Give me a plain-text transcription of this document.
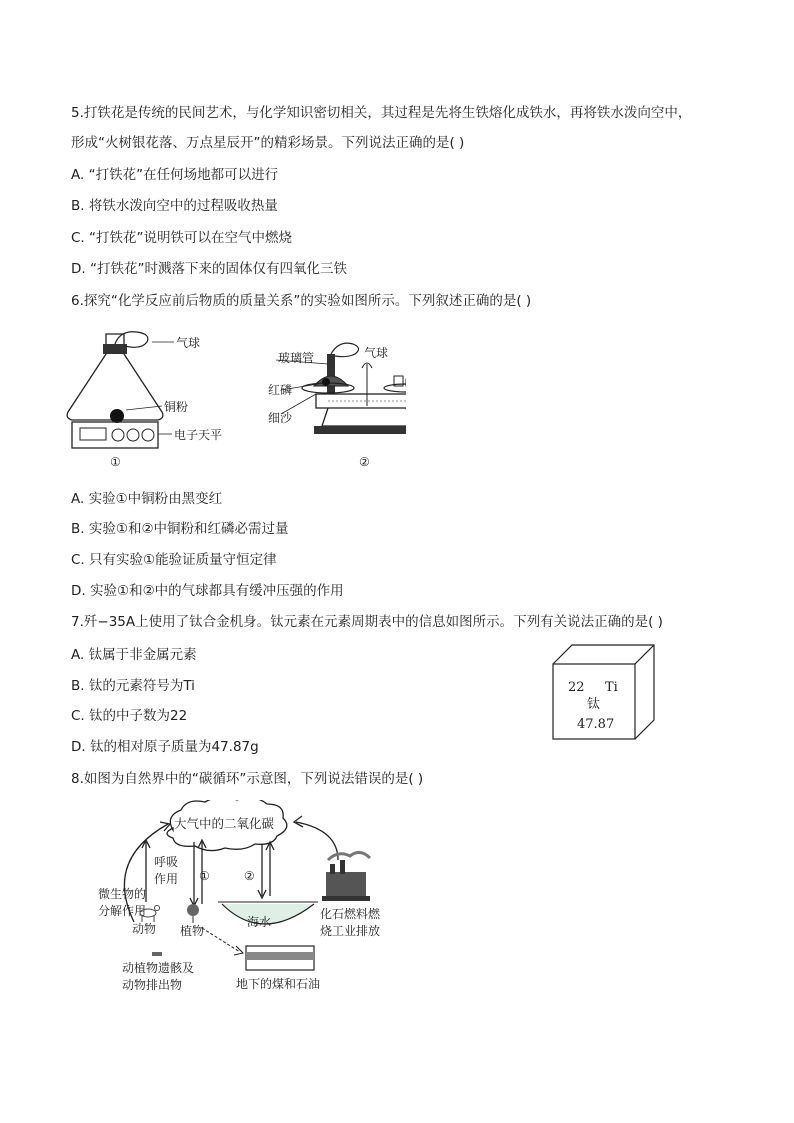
5.打铁花是传统的民间艺术，与化学知识密切相关，其过程是先将生铁熔化成铁水，再将铁水泼向空中，
形成“火树银花落、万点星辰开”的精彩场景。下列说法正确的是( )
A. “打铁花”在任何场地都可以进行
B. 将铁水泼向空中的过程吸收热量
C. “打铁花”说明铁可以在空气中燃烧
D. “打铁花”时溅落下来的固体仅有四氧化三铁
6.探究“化学反应前后物质的质量关系”的实验如图所示。下列叙述正确的是( )
气球
铜粉
电子天平
①
玻璃管	气球
红磷
细沙
②
A. 实验①中铜粉由黑变红
B. 实验①和②中铜粉和红磷必需过量
C. 只有实验①能验证质量守恒定律
D. 实验①和②中的气球都具有缓冲压强的作用
7.歼−35A上使用了钛合金机身。钛元素在元素周期表中的信息如图所示。下列有关说法正确的是( )
A. 钛属于非金属元素
B. 钛的元素符号为Ti
C. 钛的中子数为22
D. 钛的相对原子质量为47.87g
22 Ti
钛
47.87
8.如图为自然界中的“碳循环”示意图，下列说法错误的是( )
大气中的二氧化碳
呼吸
作用 ①	②
微生物的
分解作用
动物 植物
海水
化石燃料燃
烧工业排放
动植物遗骸及
动物排出物	地下的煤和石油
